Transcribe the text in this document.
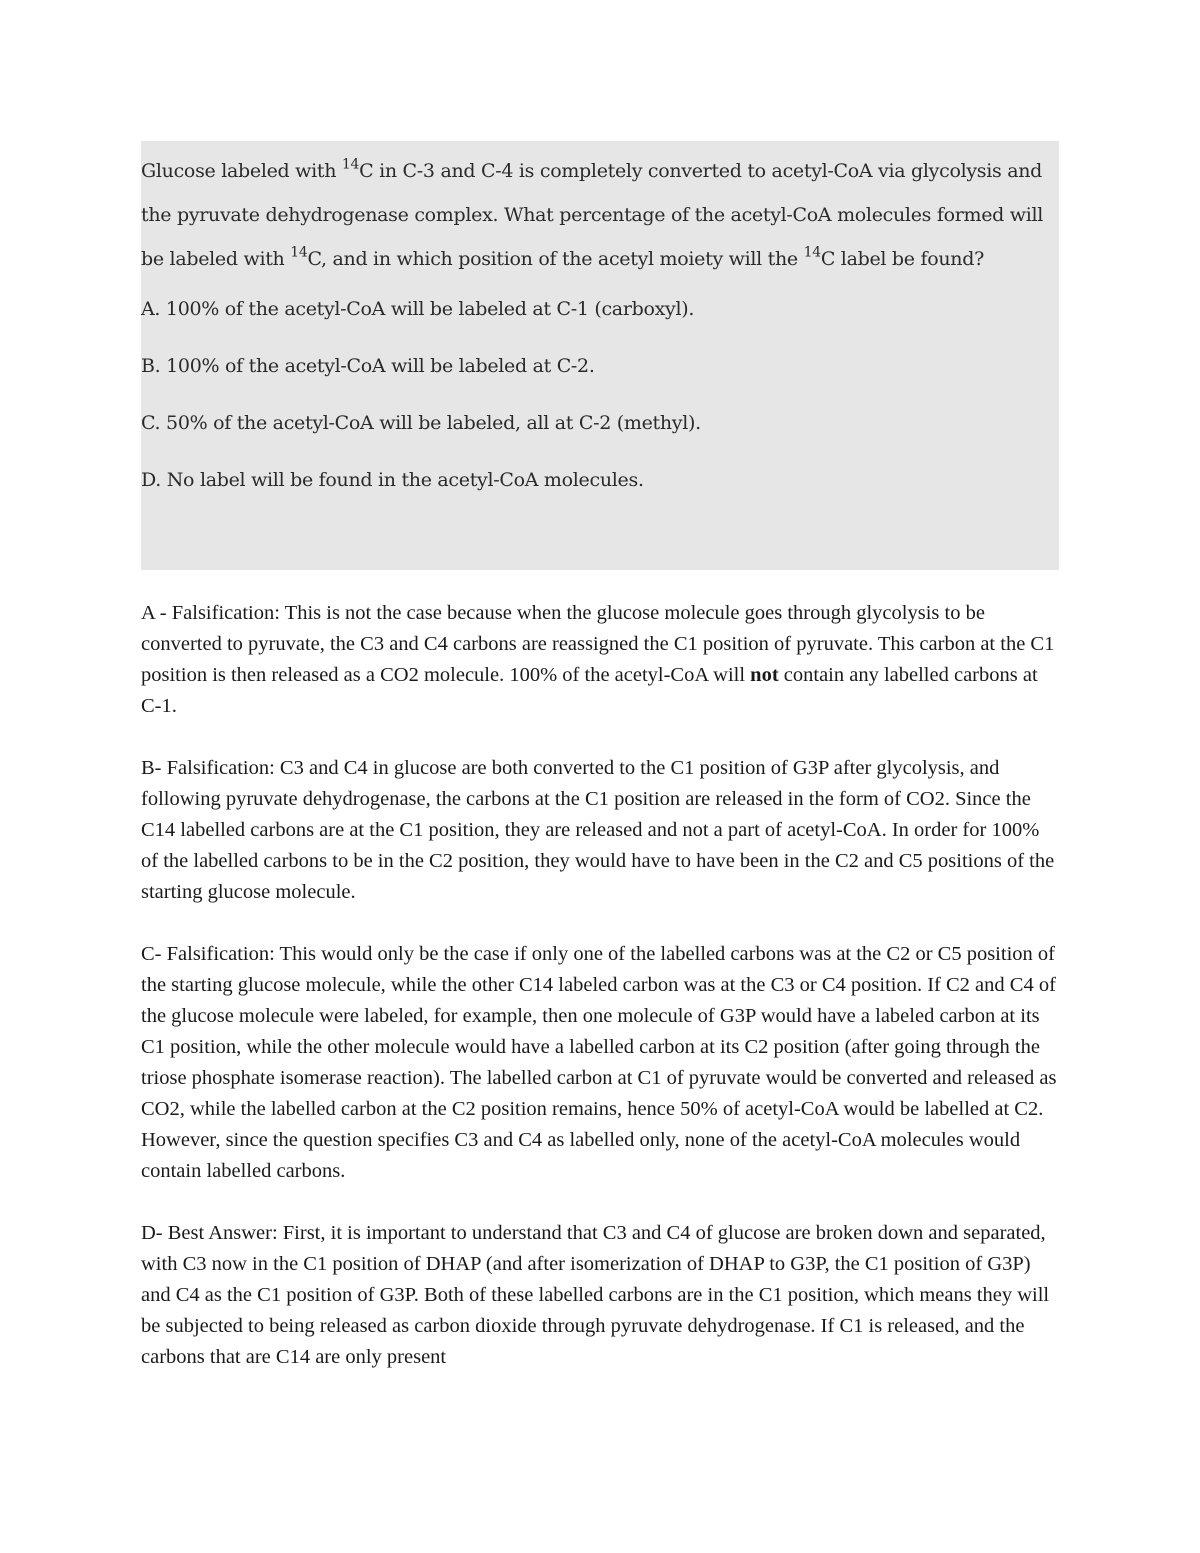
Glucose labeled with $^{14}$C in C-3 and C-4 is completely converted to acetyl-CoA via glycolysis and the pyruvate dehydrogenase complex. What percentage of the acetyl-CoA molecules formed will be labeled with $^{14}$C, and in which position of the acetyl moiety will the $^{14}$C label be found?

A. 100% of the acetyl-CoA will be labeled at C-1 (carboxyl).

B. 100% of the acetyl-CoA will be labeled at C-2.

C. 50% of the acetyl-CoA will be labeled, all at C-2 (methyl).

D. No label will be found in the acetyl-CoA molecules.

A - Falsification: This is not the case because when the glucose molecule goes through glycolysis to be converted to pyruvate, the C3 and C4 carbons are reassigned the C1 position of pyruvate. This carbon at the C1 position is then released as a CO2 molecule. 100% of the acetyl-CoA will not contain any labelled carbons at C-1.

B- Falsification: C3 and C4 in glucose are both converted to the C1 position of G3P after glycolysis, and following pyruvate dehydrogenase, the carbons at the C1 position are released in the form of CO2. Since the C14 labelled carbons are at the C1 position, they are released and not a part of acetyl-CoA. In order for 100% of the labelled carbons to be in the C2 position, they would have to have been in the C2 and C5 positions of the starting glucose molecule.

C- Falsification: This would only be the case if only one of the labelled carbons was at the C2 or C5 position of the starting glucose molecule, while the other C14 labeled carbon was at the C3 or C4 position. If C2 and C4 of the glucose molecule were labeled, for example, then one molecule of G3P would have a labeled carbon at its C1 position, while the other molecule would have a labelled carbon at its C2 position (after going through the triose phosphate isomerase reaction). The labelled carbon at C1 of pyruvate would be converted and released as CO2, while the labelled carbon at the C2 position remains, hence 50% of acetyl-CoA would be labelled at C2. However, since the question specifies C3 and C4 as labelled only, none of the acetyl-CoA molecules would contain labelled carbons.

D- Best Answer: First, it is important to understand that C3 and C4 of glucose are broken down and separated, with C3 now in the C1 position of DHAP (and after isomerization of DHAP to G3P, the C1 position of G3P) and C4 as the C1 position of G3P. Both of these labelled carbons are in the C1 position, which means they will be subjected to being released as carbon dioxide through pyruvate dehydrogenase. If C1 is released, and the carbons that are C14 are only present
